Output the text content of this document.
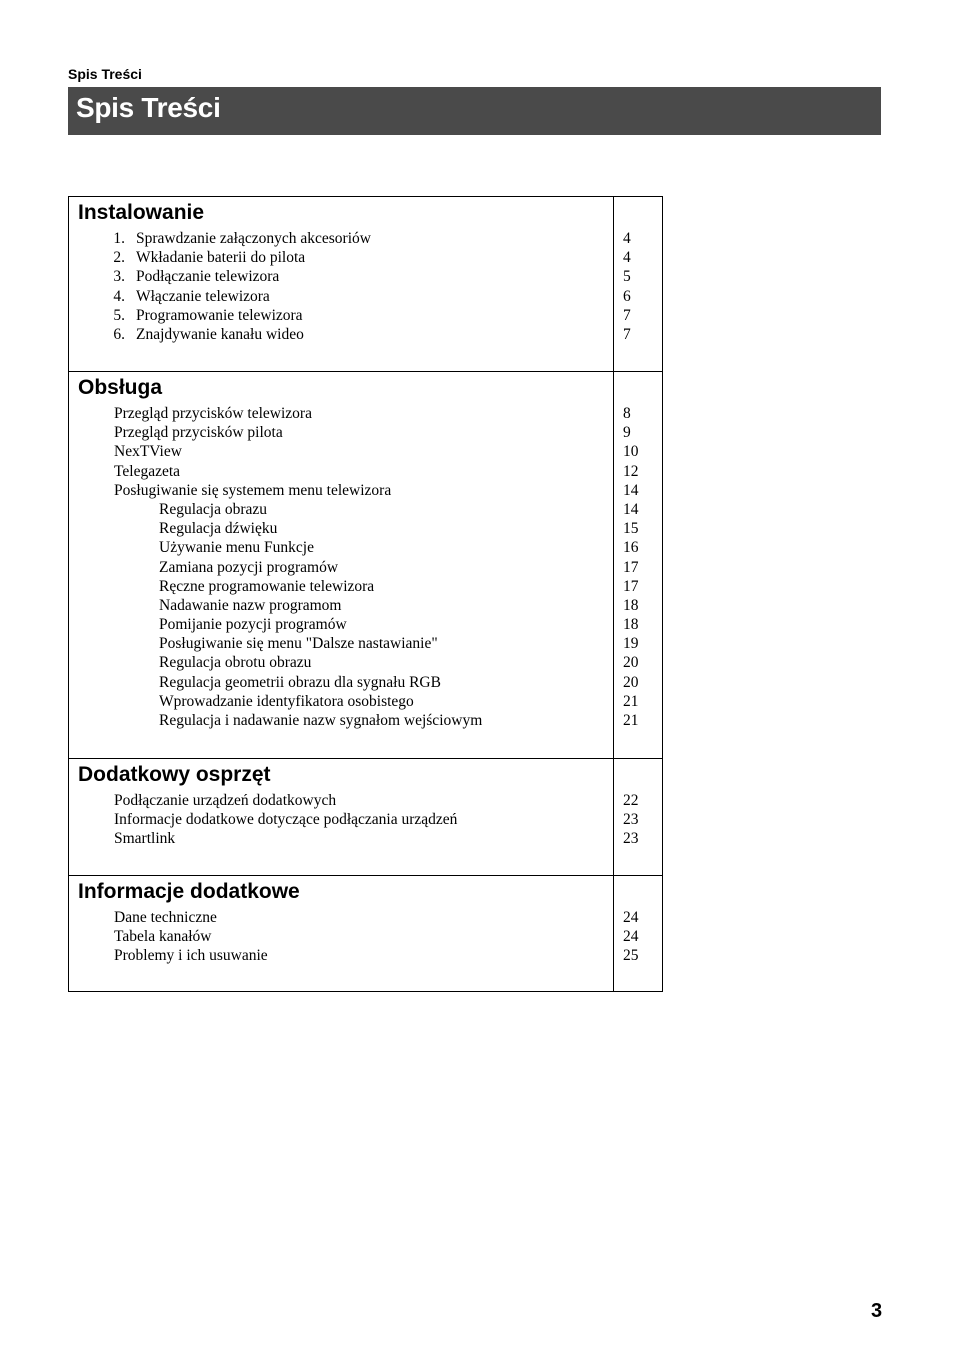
Spis Treści
Spis Treści
Instalowanie
1. Sprawdzanie załączonych akcesoriów	4
2. Wkładanie baterii do pilota	4
3. Podłączanie telewizora	5
4. Włączanie telewizora	6
5. Programowanie telewizora	7
6. Znajdywanie kanału wideo	7
Obsługa
Przegląd przycisków telewizora	8
Przegląd przycisków pilota	9
NexTView	10
Telegazeta	12
Posługiwanie się systemem menu telewizora	14
Regulacja obrazu	14
Regulacja dźwięku	15
Używanie menu Funkcje	16
Zamiana pozycji programów	17
Ręczne programowanie telewizora	17
Nadawanie nazw programom	18
Pomijanie pozycji programów	18
Posługiwanie się menu "Dalsze nastawianie"	19
Regulacja obrotu obrazu	20
Regulacja geometrii obrazu dla sygnału RGB	20
Wprowadzanie identyfikatora osobistego	21
Regulacja i nadawanie nazw sygnałom wejściowym	21
Dodatkowy osprzęt
Podłączanie urządzeń dodatkowych	22
Informacje dodatkowe dotyczące podłączania urządzeń	23
Smartlink	23
Informacje dodatkowe
Dane techniczne	24
Tabela kanałów	24
Problemy i ich usuwanie	25
3
